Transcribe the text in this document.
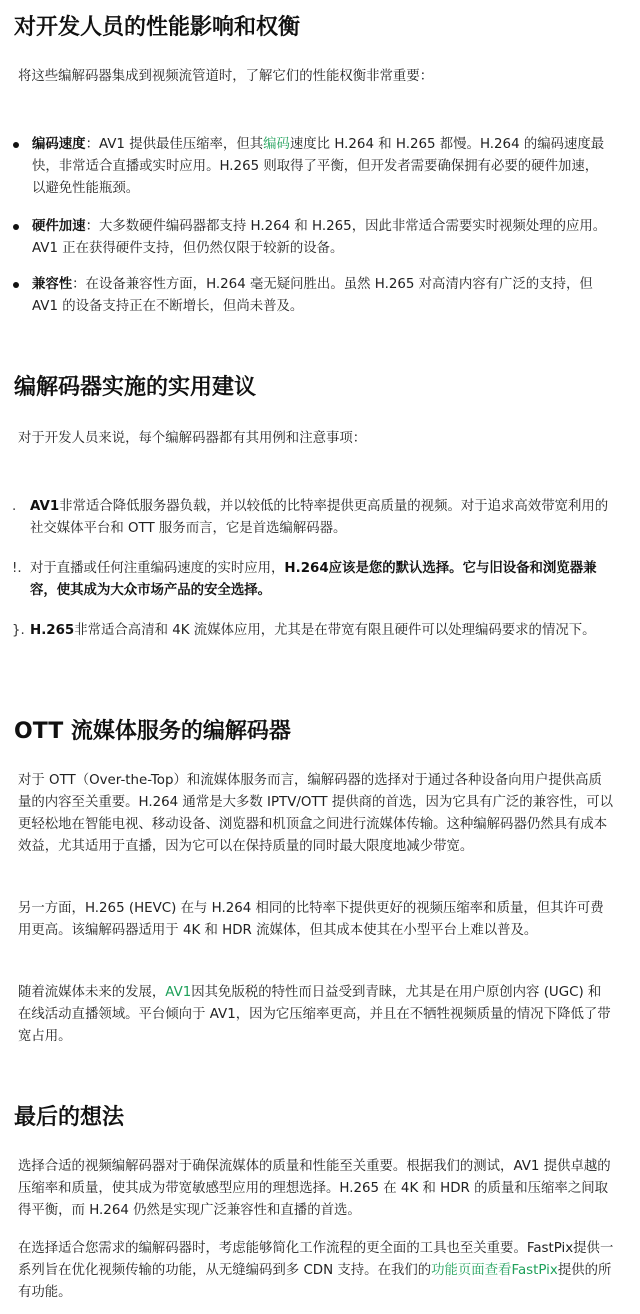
对开发人员的性能影响和权衡

将这些编解码器集成到视频流管道时，了解它们的性能权衡非常重要：

编码速度：AV1 提供最佳压缩率，但其编码速度比 H.264 和 H.265 都慢。H.264 的编码速度最快，非常适合直播或实时应用。H.265 则取得了平衡，但开发者需要确保拥有必要的硬件加速，以避免性能瓶颈。
硬件加速：大多数硬件编码器都支持 H.264 和 H.265，因此非常适合需要实时视频处理的应用。AV1 正在获得硬件支持，但仍然仅限于较新的设备。
兼容性：在设备兼容性方面，H.264 毫无疑问胜出。虽然 H.265 对高清内容有广泛的支持，但 AV1 的设备支持正在不断增长，但尚未普及。
编解码器实施的实用建议

对于开发人员来说，每个编解码器都有其用例和注意事项：

.	AV1非常适合降低服务器负载，并以较低的比特率提供更高质量的视频。对于追求高效带宽利用的社交媒体平台和 OTT 服务而言，它是首选编解码器。
!. 对于直播或任何注重编码速度的实时应用，H.264应该是您的默认选择。它与旧设备和浏览器兼容，使其成为大众市场产品的安全选择。
}. H.265非常适合高清和 4K 流媒体应用，尤其是在带宽有限且硬件可以处理编码要求的情况下。
OTT 流媒体服务的编解码器

对于 OTT（Over-the-Top）和流媒体服务而言，编解码器的选择对于通过各种设备向用户提供高质量的内容至关重要。H.264 通常是大多数 IPTV/OTT 提供商的首选，因为它具有广泛的兼容性，可以更轻松地在智能电视、移动设备、浏览器和机顶盒之间进行流媒体传输。这种编解码器仍然具有成本效益，尤其适用于直播，因为它可以在保持质量的同时最大限度地减少带宽。

另一方面，H.265 (HEVC) 在与 H.264 相同的比特率下提供更好的视频压缩率和质量，但其许可费用更高。该编解码器适用于 4K 和 HDR 流媒体，但其成本使其在小型平台上难以普及。

随着流媒体未来的发展，AV1因其免版税的特性而日益受到青睐，尤其是在用户原创内容 (UGC) 和在线活动直播领域。平台倾向于 AV1，因为它压缩率更高，并且在不牺牲视频质量的情况下降低了带宽占用。

最后的想法

选择合适的视频编解码器对于确保流媒体的质量和性能至关重要。根据我们的测试，AV1 提供卓越的压缩率和质量，使其成为带宽敏感型应用的理想选择。H.265 在 4K 和 HDR 的质量和压缩率之间取得平衡，而 H.264 仍然是实现广泛兼容性和直播的首选。

在选择适合您需求的编解码器时，考虑能够简化工作流程的更全面的工具也至关重要。FastPix提供一系列旨在优化视频传输的功能，从无缝编码到多 CDN 支持。在我们的功能页面查看FastPix提供的所有功能。
